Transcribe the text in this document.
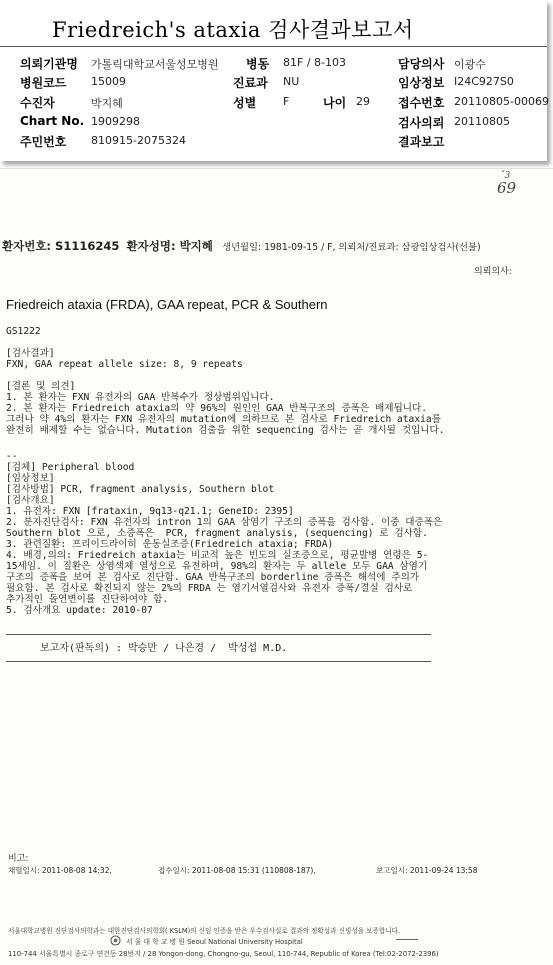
Friedreich's ataxia 검사결과보고서
의뢰기관명 가톨릭대학교서울성모병원 병동 81F / 8-103	담당의사 이광수
병원코드 15009	진료과 NU	임상정보 I24C927S0
수진자	박지혜	성별 F	나이 29 접수번호 20110805-00069
Chart No. 1909298	검사의뢰 20110805
주민번호 810915-2075324	결과보고
ˇ3
69
환자번호: S1116245 환자성명: 박지혜 생년월일: 1981-09-15 / F, 의뢰처/진료과: 삼광임상검사(선불)
의뢰의사:
Friedreich ataxia (FRDA), GAA repeat, PCR & Southern
GS1222
[검사결과]
FXN, GAA repeat allele size: 8, 9 repeats
[결론 및 의견]
1. 본 환자는 FXN 유전자의 GAA 반복수가 정상범위입니다.
2. 본 환자는 Friedreich ataxia의 약 96%의 원인인 GAA 반복구조의 증폭은 배제됩니다.
그러나 약 4%의 환자는 FXN 유전자의 mutation에 의하므로 본 검사로 Friedreich ataxia를
완전히 배제할 수는 없습니다. Mutation 검출을 위한 sequencing 검사는 곧 개시될 것입니다.
--
[검체] Peripheral blood
[임상정보]
[검사방법] PCR, fragment analysis, Southern blot
[검사개요]
1. 유전자: FXN [frataxin, 9q13-q21.1; GeneID: 2395]
2. 분자진단검사: FXN 유전자의 intron 1의 GAA 삼염기 구조의 증폭을 검사함. 이중 대증폭은
Southern blot 으로, 소증폭은  PCR, fragment analysis, (sequencing) 로 검사함.
3. 관련질환: 프리이드라이히 운동실조증(Friedreich ataxia; FRDA)
4. 배경,의의: Friedreich ataxia는 비교적 높은 빈도의 실조증으로, 평균발병 연령은 5-
15세임. 이 질환은 상염색체 열성으로 유전하며, 98%의 환자는 두 allele 모두 GAA 삼염기
구조의 증폭을 보여 본 검사로 진단함. GAA 반복구조의 borderline 증폭은 해석에 주의가
필요함. 본 검사로 확진되지 않는 2%의 FRDA 는 염기서열검사와 유전자 증폭/결실 검사로
추가적인 돌연변이를 진단하여야 함.
5. 검사개요 update: 2010-07
보고자(판독의) : 박승만 / 나은경 /  박성섭 M.D.
비고:
채혈일시: 2011-08-08 14:32,	접수일시: 2011-08-08 15:31 (110808-187),	보고일시: 2011-09-24 13:58
서울대학교병원 진단검사의학과는 대한진단검사의학회( KSLM)의 신임 인증을 받은 우수검사실로 결과의 정확성과 신빙성을 보증합니다.
서 울 대 학 교 병 원 Seoul National University Hospital
110-744 서울특별시 종로구 연건동 28번지 / 28 Yongon-dong, Chongno-gu, Seoul, 110-744, Republic of Korea (Tel:02-2072-2396)
